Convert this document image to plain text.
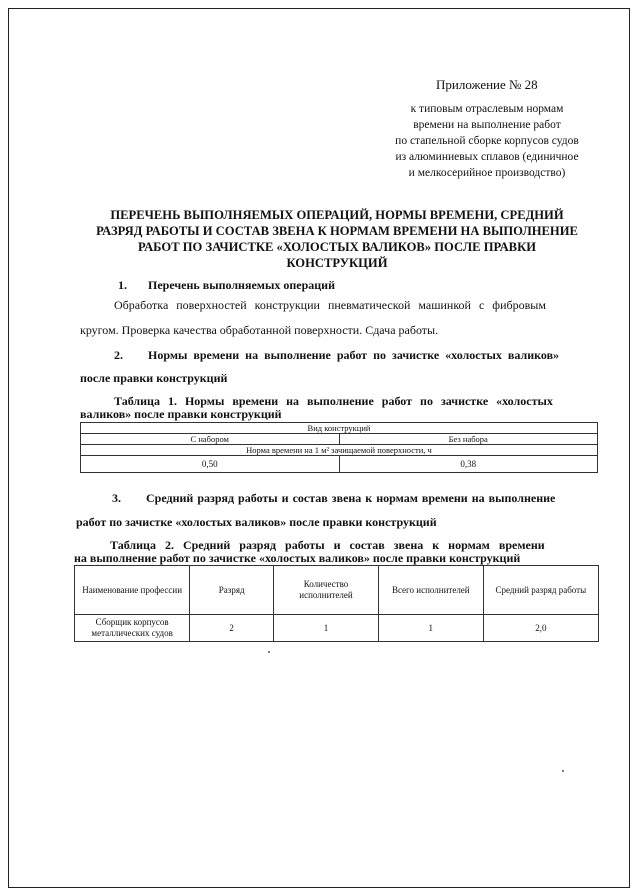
Приложение № 28
к типовым отраслевым нормам
времени на выполнение работ
по стапельной сборке корпусов судов
из алюминиевых сплавов (единичное
и мелкосерийное производство)
ПЕРЕЧЕНЬ ВЫПОЛНЯЕМЫХ ОПЕРАЦИЙ, НОРМЫ ВРЕМЕНИ, СРЕДНИЙ
РАЗРЯД РАБОТЫ И СОСТАВ ЗВЕНА К НОРМАМ ВРЕМЕНИ НА ВЫПОЛНЕНИЕ
РАБОТ ПО ЗАЧИСТКЕ «ХОЛОСТЫХ ВАЛИКОВ» ПОСЛЕ ПРАВКИ
КОНСТРУКЦИЙ
1. Перечень выполняемых операций
Обработка поверхностей конструкции пневматической машинкой с фибровым
кругом. Проверка качества обработанной поверхности. Сдача работы.
2. Нормы времени на выполнение работ по зачистке «холостых валиков»
после правки конструкций
Таблица 1. Нормы времени на выполнение работ по зачистке «холостых
валиков» после правки конструкций
Вид конструкций	
С набором	Без набора
Норма времени на 1 м² зачищаемой поверхности, ч	
0,50	0,38
3. Средний разряд работы и состав звена к нормам времени на выполнение
работ по зачистке «холостых валиков» после правки конструкций
Таблица 2. Средний разряд работы и состав звена к нормам времени
на выполнение работ по зачистке «холостых валиков» после правки конструкций
Наименование профессии	Разряд	Количество исполнителей	Всего исполнителей	Средний разряд работы
Сборщик корпусов металлических судов	2	1	1	2,0
